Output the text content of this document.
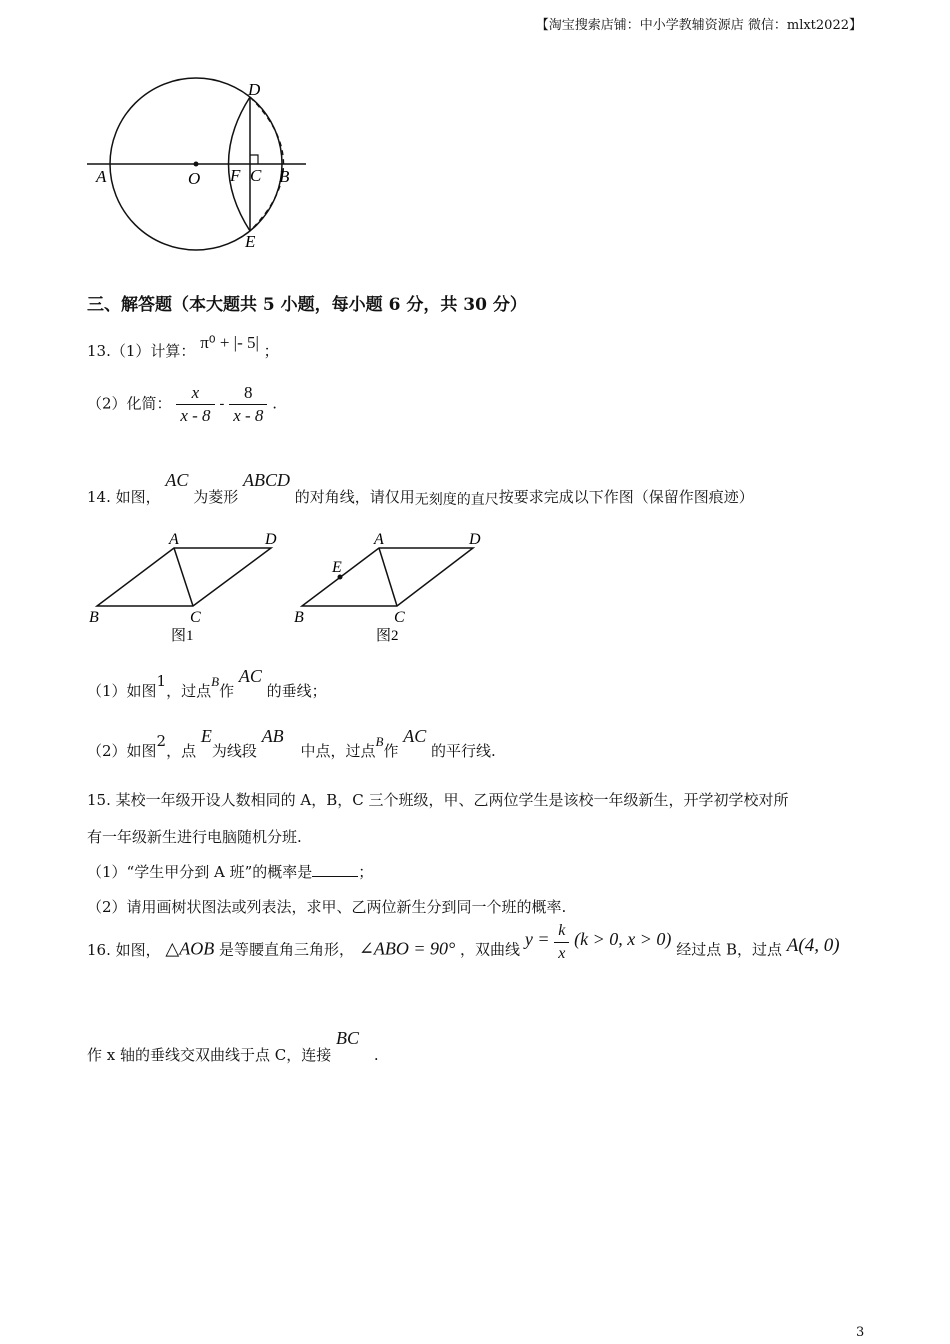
【淘宝搜索店铺：中小学教辅资源店 微信：mlxt2022】
D
A	O F C B
E
三、解答题（本大题共 5 小题，每小题 6 分，共 30 分）
13.（1）计算： π⁰ + |- 5| ；
（2）化简： $\frac{x}{x - 8} - \frac{8}{x - 8}$ .
14. 如图， AC 为菱形 ABCD 的对角线，请仅用无刻度的直尺按要求完成以下作图（保留作图痕迹）
A	D
B	C
图1
A	D
B	C
E
图2
（1）如图1，过点B作 AC 的垂线；
（2）如图2，点 E为线段 AB 中点，过点B作 AC 的平行线.
15. 某校一年级开设人数相同的 A，B，C 三个班级，甲、乙两位学生是该校一年级新生，开学初学校对所
有一年级新生进行电脑随机分班.
（1）“学生甲分到 A 班”的概率是	；
（2）请用画树状图法或列表法，求甲、乙两位新生分到同一个班的概率.
16. 如图， △AOB 是等腰直角三角形， ∠ABO = 90° ，双曲线 $y = \frac{k}{x} (k > 0$, x > 0) 经过点 B，过点 A(4, 0)
作 x 轴的垂线交双曲线于点 C，连接 BC .
3
